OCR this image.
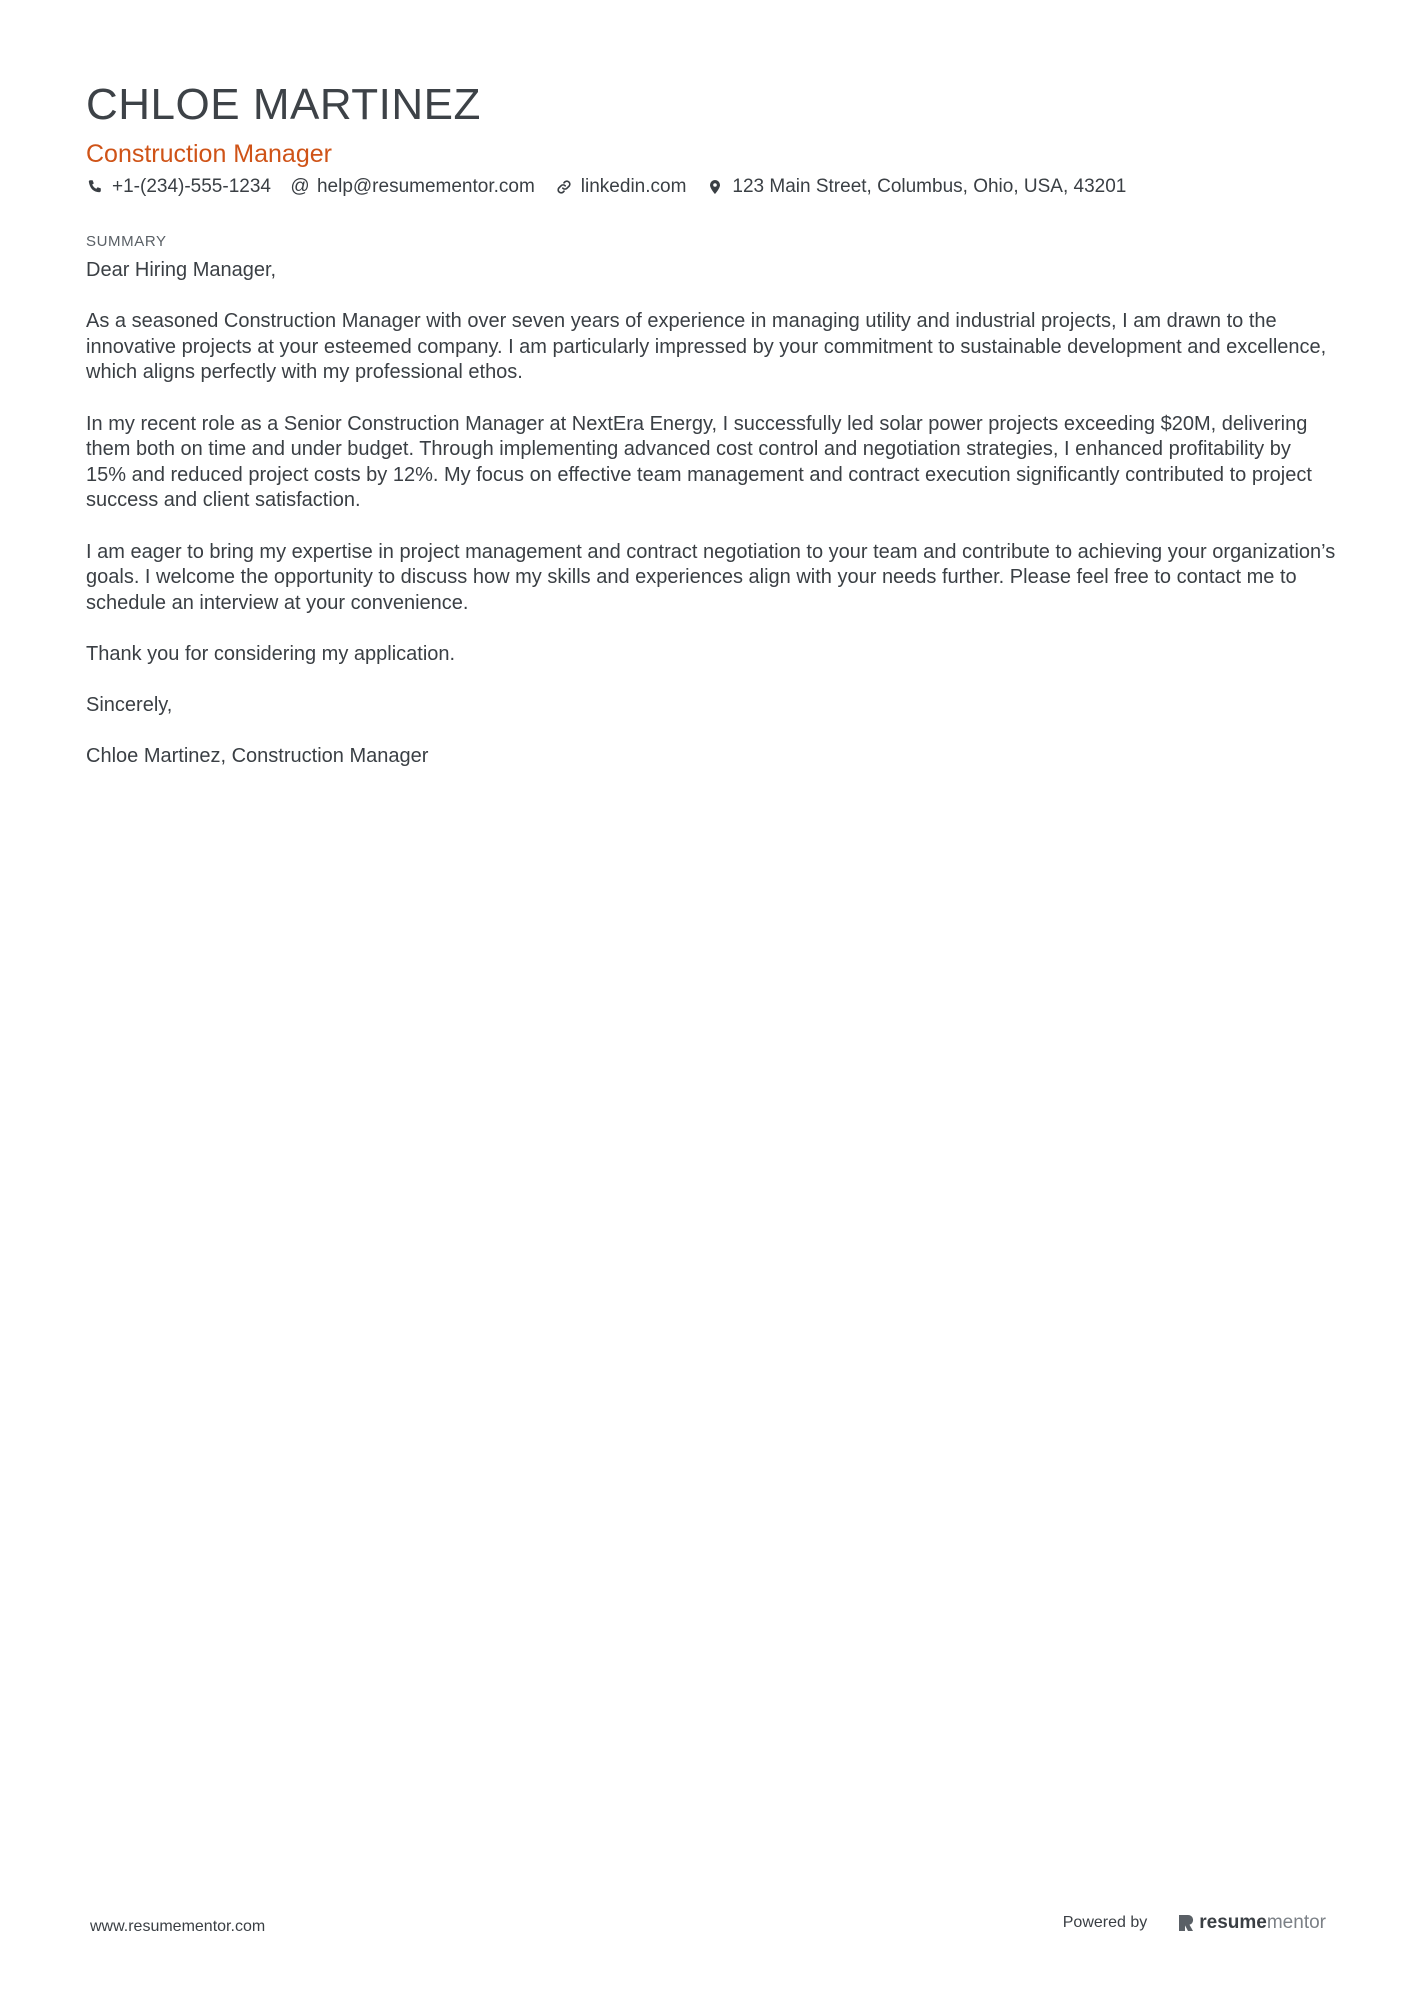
CHLOE MARTINEZ
Construction Manager
+1-(234)-555-1234 @ help@resumementor.com linkedin.com 123 Main Street, Columbus, Ohio, USA, 43201
SUMMARY

Dear Hiring Manager,

As a seasoned Construction Manager with over seven years of experience in managing utility and industrial projects, I am drawn to the innovative projects at your esteemed company. I am particularly impressed by your commitment to sustainable development and excellence, which aligns perfectly with my professional ethos.

In my recent role as a Senior Construction Manager at NextEra Energy, I successfully led solar power projects exceeding $20M, delivering them both on time and under budget. Through implementing advanced cost control and negotiation strategies, I enhanced profitability by 15% and reduced project costs by 12%. My focus on effective team management and contract execution significantly contributed to project success and client satisfaction.

I am eager to bring my expertise in project management and contract negotiation to your team and contribute to achieving your organization’s goals. I welcome the opportunity to discuss how my skills and experiences align with your needs further. Please feel free to contact me to schedule an interview at your convenience.

Thank you for considering my application.

Sincerely,

Chloe Martinez, Construction Manager

www.resumementor.com	Powered by	resume mentor
